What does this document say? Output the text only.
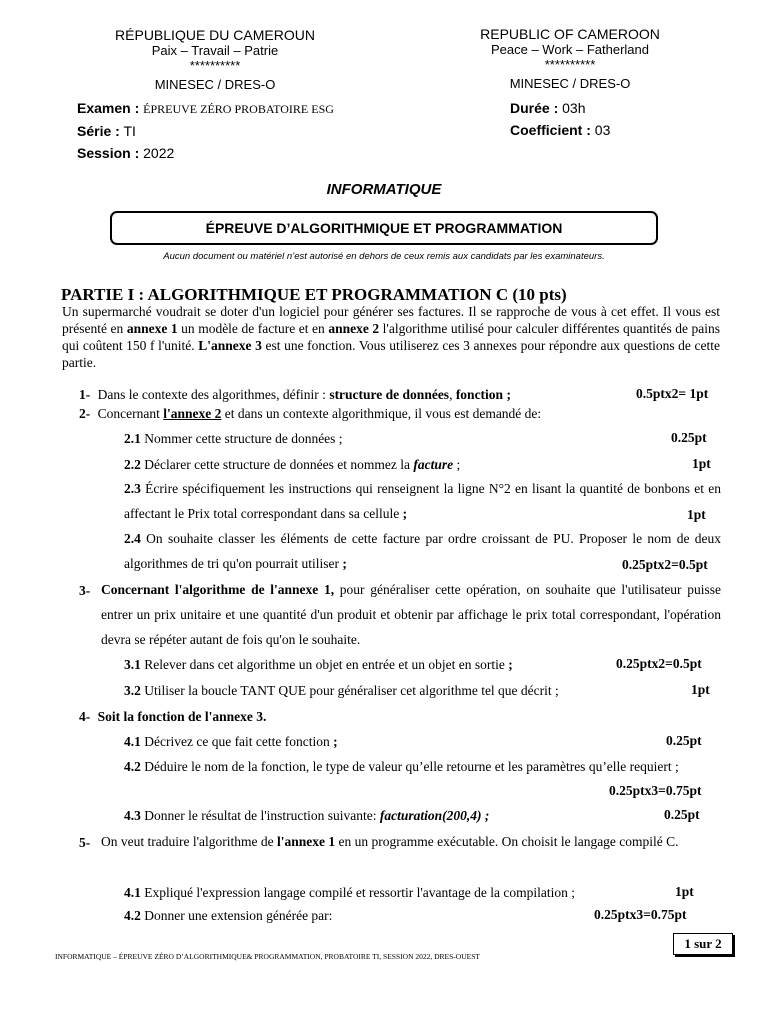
RÉPUBLIQUE DU CAMEROUN
Paix – Travail – Patrie
**********
MINESEC / DRES-O
REPUBLIC OF CAMEROON
Peace – Work – Fatherland
**********
MINESEC / DRES-O
Examen : ÉPREUVE ZÉRO PROBATOIRE ESG
Série : TI
Session : 2022
Durée : 03h
Coefficient : 03
INFORMATIQUE
ÉPREUVE D’ALGORITHMIQUE ET PROGRAMMATION
Aucun document ou matériel n’est autorisé en dehors de ceux remis aux candidats par les examinateurs.
PARTIE I : ALGORITHMIQUE ET PROGRAMMATION C (10 pts)
Un supermarché voudrait se doter d'un logiciel pour générer ses factures. Il se rapproche de vous à cet effet. Il vous est présenté en annexe 1 un modèle de facture et en annexe 2 l'algorithme utilisé pour calculer différentes quantités de pains qui coûtent 150 f l'unité. L'annexe 3 est une fonction. Vous utiliserez ces 3 annexes pour répondre aux questions de cette partie.
1- Dans le contexte des algorithmes, définir : structure de données, fonction ;	0.5ptx2= 1pt
2- Concernant l'annexe 2 et dans un contexte algorithmique, il vous est demandé de:
2.1 Nommer cette structure de données ;	0.25pt
2.2 Déclarer cette structure de données et nommez la facture ;	1pt
2.3 Écrire spécifiquement les instructions qui renseignent la ligne N°2 en lisant la quantité de bonbons et en affectant le Prix total correspondant dans sa cellule ;	1pt
2.4 On souhaite classer les éléments de cette facture par ordre croissant de PU. Proposer le nom de deux algorithmes de tri qu'on pourrait utiliser ;	0.25ptx2=0.5pt
3- Concernant l'algorithme de l'annexe 1, pour généraliser cette opération, on souhaite que l'utilisateur puisse entrer un prix unitaire et une quantité d'un produit et obtenir par affichage le prix total correspondant, l'opération devra se répéter autant de fois qu'on le souhaite.
3.1 Relever dans cet algorithme un objet en entrée et un objet en sortie ;	0.25ptx2=0.5pt
3.2 Utiliser la boucle TANT QUE pour généraliser cet algorithme tel que décrit ;	1pt
4- Soit la fonction de l'annexe 3.
4.1 Décrivez ce que fait cette fonction ;	0.25pt
4.2 Déduire le nom de la fonction, le type de valeur qu’elle retourne et les paramètres qu’elle requiert ;
0.25ptx3=0.75pt
4.3 Donner le résultat de l'instruction suivante: facturation(200,4) ;	0.25pt
5- On veut traduire l'algorithme de l'annexe 1 en un programme exécutable. On choisit le langage compilé C.
4.1 Expliqué l'expression langage compilé et ressortir l'avantage de la compilation ;	1pt
4.2 Donner une extension générée par:	0.25ptx3=0.75pt
1 sur 2
INFORMATIQUE – ÉPREUVE ZÉRO D’ALGORITHMIQUE& PROGRAMMATION, PROBATOIRE TI, SESSION 2022, DRES-OUEST
